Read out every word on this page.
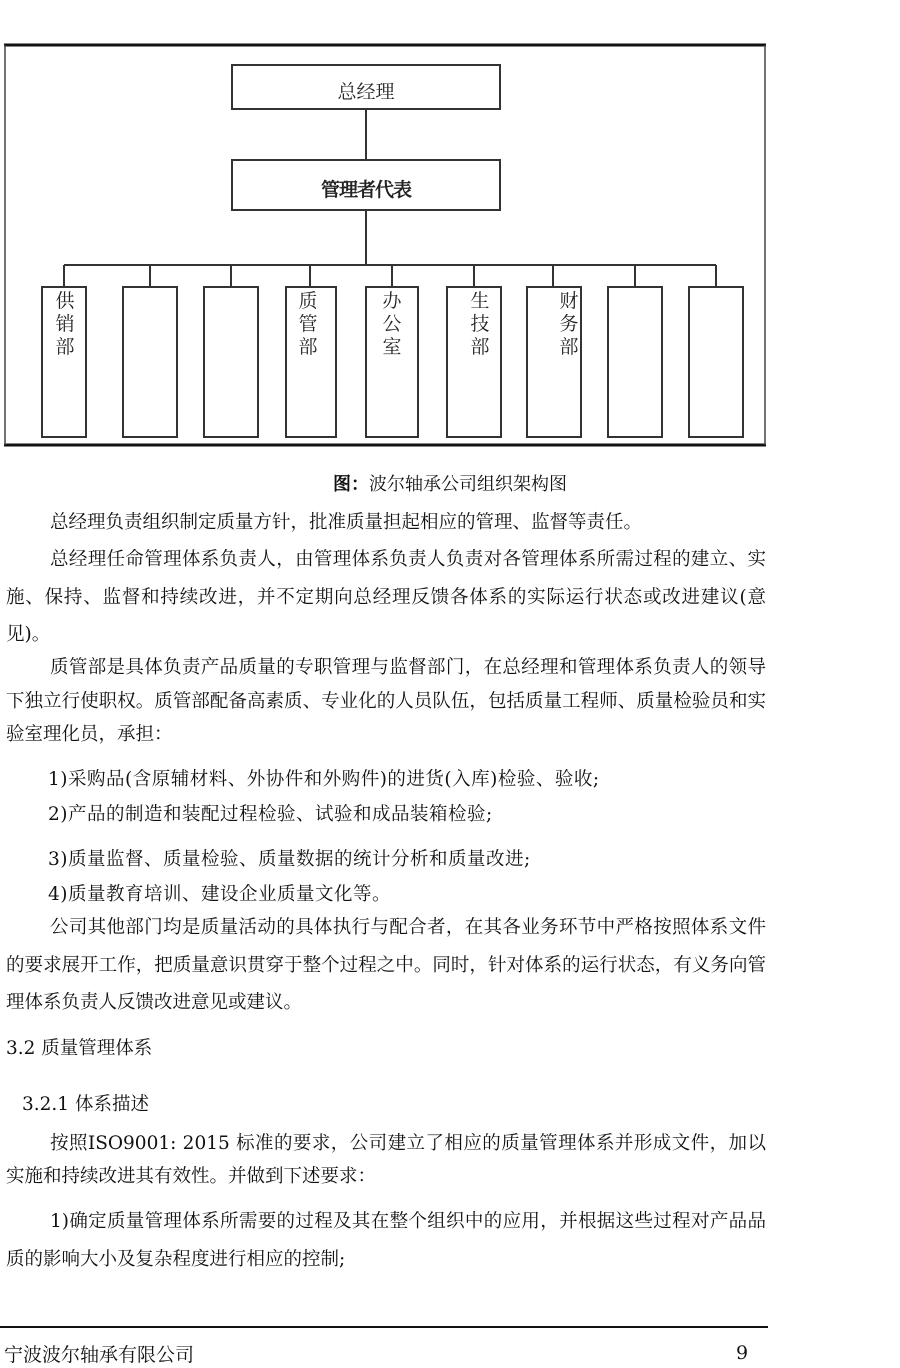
总经理
管理者代表
供销部
质管部
办公室
生技部
财务部
图：波尔轴承公司组织架构图

总经理负责组织制定质量方针，批准质量担起相应的管理、监督等责任。

总经理任命管理体系负责人，由管理体系负责人负责对各管理体系所需过程的建立、实施、保持、监督和持续改进，并不定期向总经理反馈各体系的实际运行状态或改进建议(意见)。

质管部是具体负责产品质量的专职管理与监督部门，在总经理和管理体系负责人的领导下独立行使职权。质管部配备高素质、专业化的人员队伍，包括质量工程师、质量检验员和实验室理化员，承担：

1)采购品(含原辅材料、外协件和外购件)的进货(入库)检验、验收;

2)产品的制造和装配过程检验、试验和成品装箱检验;

3)质量监督、质量检验、质量数据的统计分析和质量改进;

4)质量教育培训、建设企业质量文化等。

公司其他部门均是质量活动的具体执行与配合者，在其各业务环节中严格按照体系文件的要求展开工作，把质量意识贯穿于整个过程之中。同时，针对体系的运行状态，有义务向管理体系负责人反馈改进意见或建议。

3.2 质量管理体系

3.2.1 体系描述

按照ISO9001: 2015 标准的要求，公司建立了相应的质量管理体系并形成文件，加以实施和持续改进其有效性。并做到下述要求：

1)确定质量管理体系所需要的过程及其在整个组织中的应用，并根据这些过程对产品品质的影响大小及复杂程度进行相应的控制;

宁波波尔轴承有限公司	9
